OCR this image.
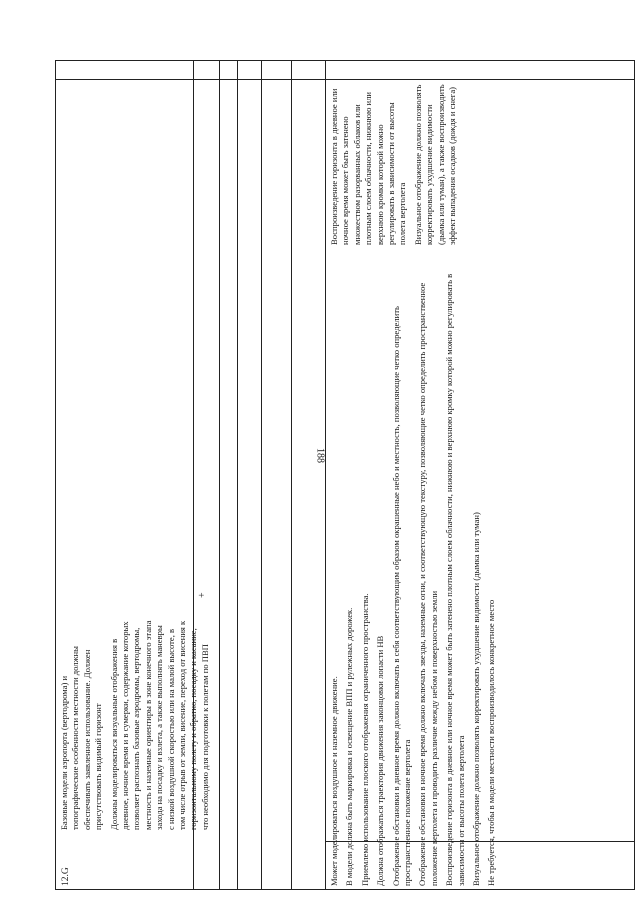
188
12.G

Базовые модели аэропорта (вертодрома) и топографические особенности местности должны обеспечивать заявленное использование. Должен присутствовать видимый горизонт Должны моделироваться визуальные отображения в дневное, ночное время и в сумерки, содержание которых позволяет распознать базовые аэродромы, вертодромы, местность и наземные ориентиры в зоне конечного этапа захода на посадку и взлета, а также выполнять маневры с низкой воздушной скоростью или на малой высоте, в том числе отрыв от земли, висение, переход от висения к горизонтальному полету и обратно, посадку и касание, что необходимо для подготовки к полетам по ПВП

+

Воспроизведение горизонта в дневное или ночное время может быть затенено множеством разорванных облаков или плотным слоем облачности, нижнюю или верхнюю кромки которой можно регулировать в зависимости от высоты полета вертолета Визуальное отображение должно позволять корректировать ухудшение видимости (дымка или туман), а также воспроизводить эффект выпадения осадков (дождя и снега)

Может моделироваться воздушное и наземное движение. В модели должна быть маркировка и освещение ВПП и рулежных дорожек. Приемлемо использование плоского отображения ограниченного пространства. Должна отображаться траектория движения законцовки лопасти НВ Отображение обстановки в дневное время должно включать в себя соответствующим образом окрашенные небо и местность, позволяющие четко определить пространственное положение вертолета Отображение обстановки в ночное время должно включать звезды, наземные огни, и соответствующую текстуру, позволяющие четко определить пространственное положение вертолета и проводить различие между небом и поверхностью земли Воспроизведение горизонта в дневное или ночное время может быть затенено плотным слоем облачности, нижнюю и верхнюю кромку которой можно регулировать в зависимости от высоты полета вертолета Визуальное отображение должно позволять корректировать ухудшение видимости (дымка или туман) Не требуется, чтобы в модели местности воспроизводилось конкретное место
